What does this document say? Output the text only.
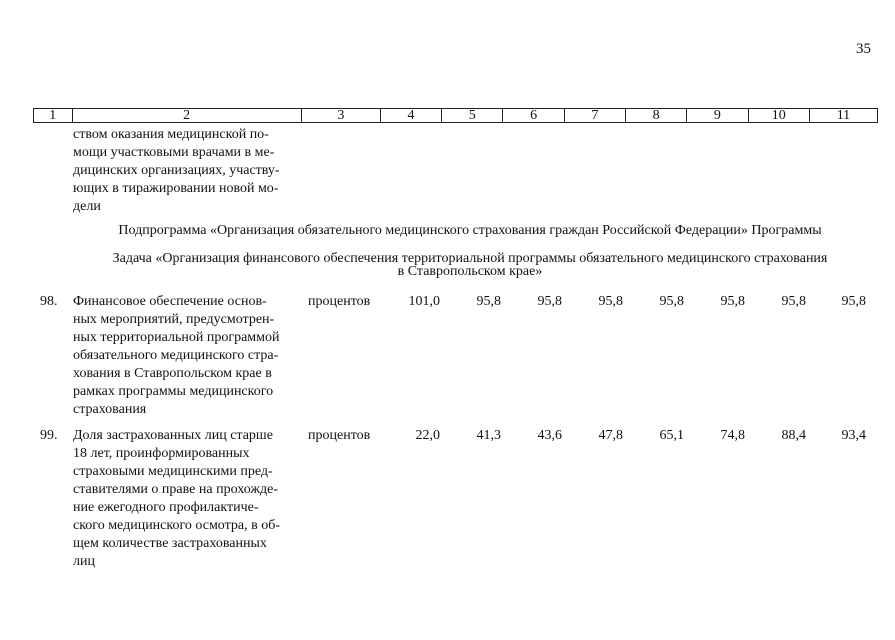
35
1	2	3	4	5	6	7	8	9	10	11
ством оказания медицинской по-
мощи участковыми врачами в ме-
дицинских организациях, участву-
ющих в тиражировании новой мо-
дели
Подпрограмма «Организация обязательного медицинского страхования граждан Российской Федерации» Программы
Задача «Организация финансового обеспечения территориальной программы обязательного медицинского страхования
в Ставропольском крае»
98. Финансовое обеспечение основ-
ных мероприятий, предусмотрен-
ных территориальной программой
обязательного медицинского стра-
хования в Ставропольском крае в
рамках программы медицинского
страхования
процентов	101,0	95,8	95,8	95,8	95,8	95,8	95,8	95,8
99. Доля застрахованных лиц старше
18 лет, проинформированных
страховыми медицинскими пред-
ставителями о праве на прохожде-
ние ежегодного профилактиче-
ского медицинского осмотра, в об-
щем количестве застрахованных
лиц
процентов	22,0	41,3	43,6	47,8	65,1	74,8	88,4	93,4
